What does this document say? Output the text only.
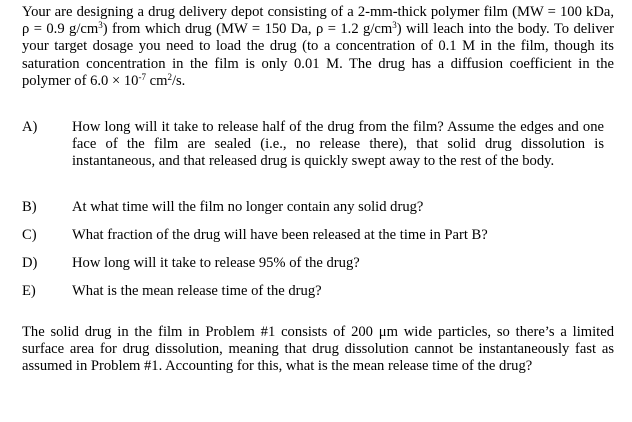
Your are designing a drug delivery depot consisting of a 2-mm-thick polymer film (MW = 100 kDa, ρ = 0.9 $g/cm^3$) from which drug (MW = 150 Da, ρ = 1.2 $g/cm^3$) will leach into the body. To deliver your target dosage you need to load the drug (to a concentration of 0.1 M in the film, though its saturation concentration in the film is only 0.01 M. The drug has a diffusion coefficient in the polymer of $6.0 \times 10^{-7}$ $cm^2/s$.
A)	How long will it take to release half of the drug from the film? Assume the edges and one face of the film are sealed (i.e., no release there), that solid drug dissolution is instantaneous, and that released drug is quickly swept away to the rest of the body.
B)	At what time will the film no longer contain any solid drug?
C)	What fraction of the drug will have been released at the time in Part B?
D)	How long will it take to release 95% of the drug?
E)	What is the mean release time of the drug?
The solid drug in the film in Problem #1 consists of 200 μm wide particles, so there’s a limited surface area for drug dissolution, meaning that drug dissolution cannot be instantaneously fast as assumed in Problem #1. Accounting for this, what is the mean release time of the drug?
